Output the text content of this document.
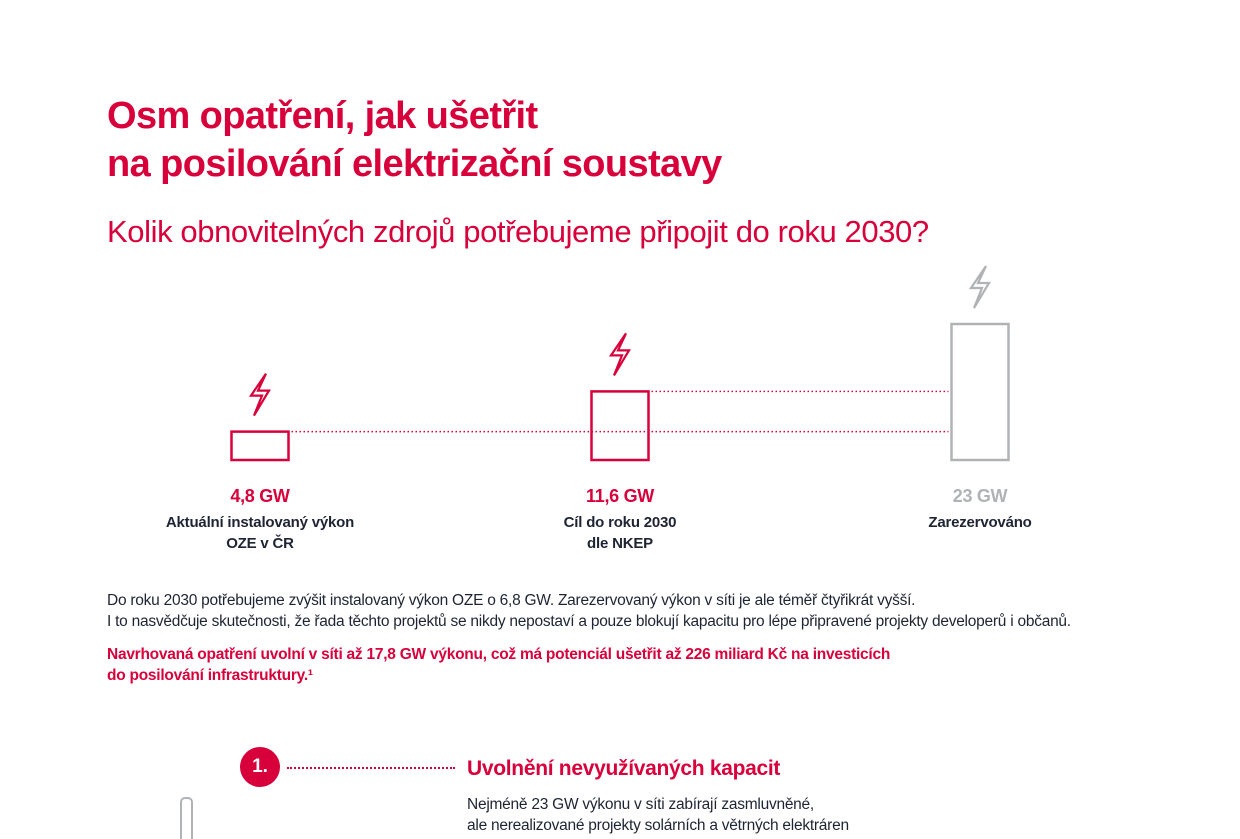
Osm opatření, jak ušetřit
na posilování elektrizační soustavy
Kolik obnovitelných zdrojů potřebujeme připojit do roku 2030?
4,8 GW
Aktuální instalovaný výkon
OZE v ČR
11,6 GW
Cíl do roku 2030
dle NKEP
23 GW
Zarezervováno
Do roku 2030 potřebujeme zvýšit instalovaný výkon OZE o 6,8 GW. Zarezervovaný výkon v síti je ale téměř čtyřikrát vyšší.
I to nasvědčuje skutečnosti, že řada těchto projektů se nikdy nepostaví a pouze blokují kapacitu pro lépe připravené projekty developerů i občanů.
Navrhovaná opatření uvolní v síti až 17,8 GW výkonu, což má potenciál ušetřit až 226 miliard Kč na investicích
do posilování infrastruktury.¹
1.	Uvolnění nevyužívaných kapacit
Nejméně 23 GW výkonu v síti zabírají zasmluvněné,
ale nerealizované projekty solárních a větrných elektráren
